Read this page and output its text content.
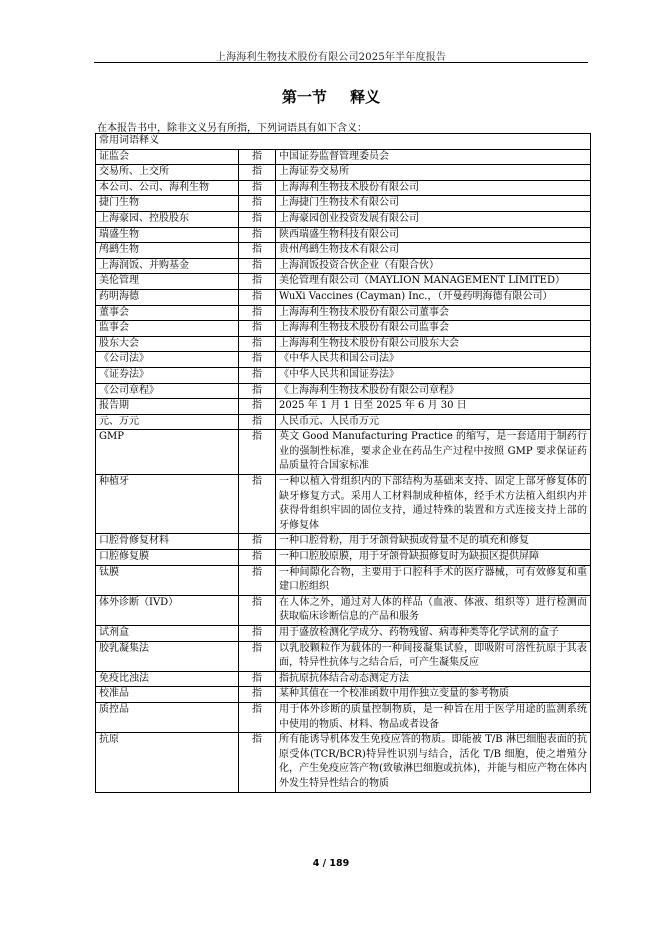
上海海利生物技术股份有限公司2025年半年度报告
第一节 释义
在本报告书中，除非文义另有所指，下列词语具有如下含义：
常用词语释义		
证监会	指	中国证券监督管理委员会
交易所、上交所	指	上海证券交易所
本公司、公司、海利生物	指	上海海利生物技术股份有限公司
捷门生物	指	上海捷门生物技术有限公司
上海豪园、控股股东	指	上海豪园创业投资发展有限公司
瑞盛生物	指	陕西瑞盛生物科技有限公司
鸬鹚生物	指	贵州鸬鹚生物技术有限公司
上海润饭、并购基金	指	上海润饭投资合伙企业（有限合伙）
美伦管理	指	美伦管理有限公司（MAYLION MANAGEMENT LIMITED）
药明海德	指	WuXi Vaccines (Cayman) Inc.，（开曼药明海德有限公司）
董事会	指	上海海利生物技术股份有限公司董事会
监事会	指	上海海利生物技术股份有限公司监事会
股东大会	指	上海海利生物技术股份有限公司股东大会
《公司法》	指	《中华人民共和国公司法》
《证券法》	指	《中华人民共和国证券法》
《公司章程》	指	《上海海利生物技术股份有限公司章程》
报告期	指	2025 年 1 月 1 日至 2025 年 6 月 30 日
元、万元	指	人民币元、人民币万元
GMP	指	英文 Good Manufacturing Practice 的缩写，是一套适用于制药行业的强制性标准，要求企业在药品生产过程中按照 GMP 要求保证药品质量符合国家标准
种植牙	指	一种以植入骨组织内的下部结构为基础来支持、固定上部牙修复体的缺牙修复方式。采用人工材料制成种植体，经手术方法植入组织内并获得骨组织牢固的固位支持，通过特殊的装置和方式连接支持上部的牙修复体
口腔骨修复材料	指	一种口腔骨粉，用于牙颌骨缺损或骨量不足的填充和修复
口腔修复膜	指	一种口腔胶原膜，用于牙颌骨缺损修复时为缺损区提供屏障
钛膜	指	一种间隙化合物，主要用于口腔科手术的医疗器械，可有效修复和重建口腔组织
体外诊断（IVD）	指	在人体之外，通过对人体的样品（血液、体液、组织等）进行检测而获取临床诊断信息的产品和服务
试剂盒	指	用于盛放检测化学成分、药物残留、病毒种类等化学试剂的盒子
胶乳凝集法	指	以乳胶颗粒作为载体的一种间接凝集试验，即吸附可溶性抗原于其表面，特异性抗体与之结合后，可产生凝集反应
免疫比浊法	指	指抗原抗体结合动态测定方法
校准品	指	某种其值在一个校准函数中用作独立变量的参考物质
质控品	指	用于体外诊断的质量控制物质，是一种旨在用于医学用途的监测系统中使用的物质、材料、物品或者设备
抗原	指	所有能诱导机体发生免疫应答的物质。即能被 T/B 淋巴细胞表面的抗原受体(TCR/BCR)特异性识别与结合，活化 T/B 细胞，使之增殖分化，产生免疫应答产物(致敏淋巴细胞或抗体)，并能与相应产物在体内外发生特异性结合的物质
4 / 189
